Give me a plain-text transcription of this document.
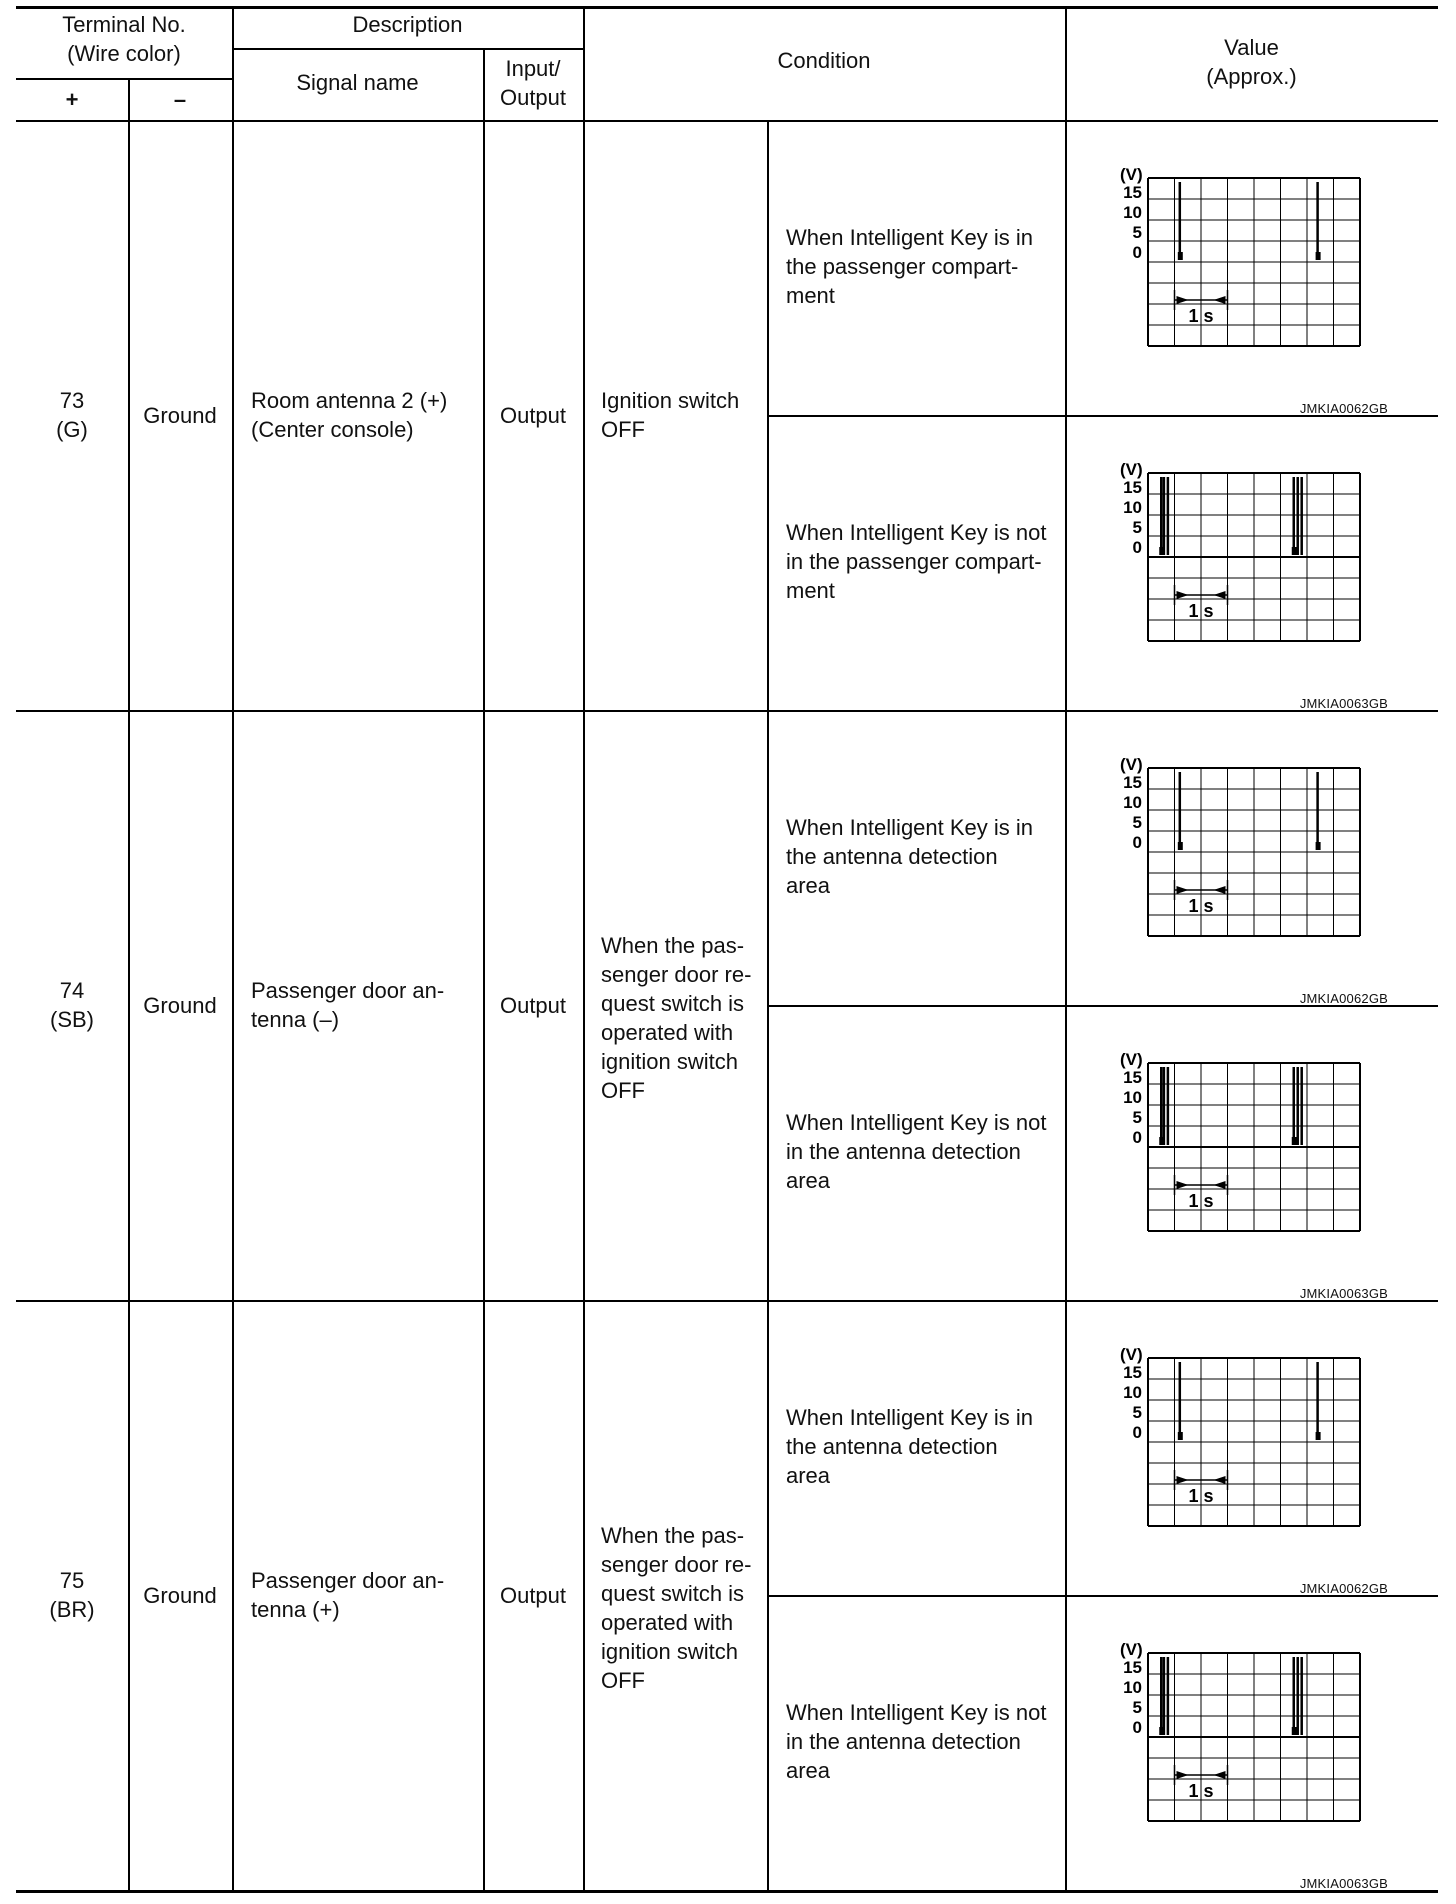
Terminal No.
(Wire color)
+	–
Description
Signal name
Input/
Output
Condition
Value
(Approx.)
73
(G)
Ground
Room antenna 2 (+)
(Center console)
Output
Ignition switch
OFF
When Intelligent Key is in
the passenger compart-
ment
When Intelligent Key is not
in the passenger compart-
ment
74
(SB)
Ground
Passenger door an-
tenna (–)
Output
When the pas-
senger door re-
quest switch is
operated with
ignition switch
OFF
When Intelligent Key is in
the antenna detection
area
When Intelligent Key is not
in the antenna detection
area
75
(BR)
Ground
Passenger door an-
tenna (+)
Output
When the pas-
senger door re-
quest switch is
operated with
ignition switch
OFF
When Intelligent Key is in
the antenna detection
area
When Intelligent Key is not
in the antenna detection
area
(V)
15
10
5
0
1 s
JMKIA0062GB
(V)
15
10
5
0
1 s
JMKIA0063GB
(V)
15
10
5
0
1 s
JMKIA0062GB
(V)
15
10
5
0
1 s
JMKIA0063GB
(V)
15
10
5
0
1 s
JMKIA0062GB
(V)
15
10
5
0
1 s
JMKIA0063GB
